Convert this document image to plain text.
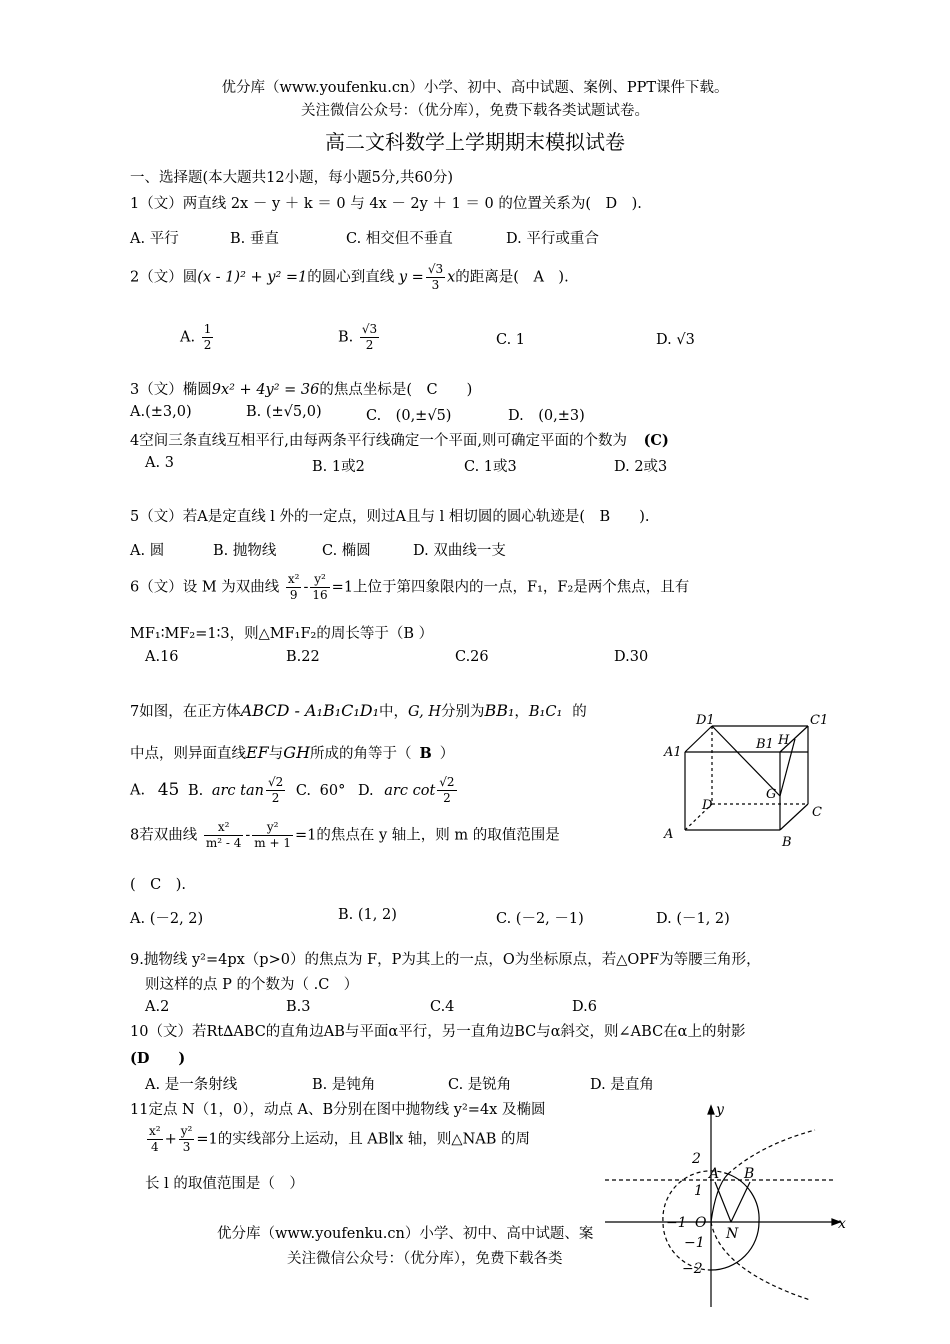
优分库（www.youfenku.cn）小学、初中、高中试题、案例、PPT课件下载。
关注微信公众号：（优分库），免费下载各类试题试卷。
高二文科数学上学期期末模拟试卷
一、选择题(本大题共12小题，每小题5分,共60分)
1（文）两直线 2x － y ＋ k ＝ 0 与 4x － 2y ＋ 1 ＝ 0 的位置关系为(　D　).
A. 平行	B. 垂直	C. 相交但不垂直	D. 平行或重合
2（文）圆(x - 1)² + y² =1的圆心到直线 $y = \frac{√3}{3}$ x的距离是(　A　).
A. $\frac{1}{2}$	B. $\frac{√3}{2}$	C. 1	D. √3
3（文）椭圆9x² + 4y² = 36的焦点坐标是(　C　　)
A.(±3,0)	B. (±√5,0)	C.　(0,±√5)	D.　(0,±3)
4空间三条直线互相平行,由每两条平行线确定一个平面,则可确定平面的个数为 (C)
A. 3	B. 1或2	C. 1或3	D. 2或3
5（文）若A是定直线 l 外的一定点，则过A且与 l 相切圆的圆心轨迹是(　B　　).
A. 圆	B. 抛物线	C. 椭圆	D. 双曲线一支
6（文）设 M 为双曲线 $\frac{\text{x²}}{9} - \frac{\text{y²}}{16} =1$上位于第四象限内的一点，F₁，F₂是两个焦点，且有
MF₁∶MF₂=1∶3，则△MF₁F₂的周长等于（B ）
A.16	B.22	C.26	D.30
7如图，在正方体ABCD - A₁B₁C₁D₁中，G, H分别为BB₁，B₁C₁ 的
中点，则异面直线EF与GH所成的角等于（ B ）
A. 45 B. arc $\tan \frac{√2}{2} C$. 60° D. arc $\cot \frac{√2}{2}$
D1	C1
A1
B1 H
D
G
C
A
B
8若双曲线 $\frac{\text{x²}}{\text{m² - 4}} - \frac{\text{y²}}{m + 1} =1$的焦点在 y 轴上，则 m 的取值范围是
(　C　).
A. (－2, 2)	B. (1, 2)	C. (－2, －1)	D. (－1, 2)
9.抛物线 y²=4px（p>0）的焦点为 F，P为其上的一点，O为坐标原点，若△OPF为等腰三角形，
则这样的点 P 的个数为（ .C　）
A.2	B.3	C.4	D.6
10（文）若Rt∆ABC的直角边AB与平面α平行，另一直角边BC与α斜交，则∠ABC在α上的射影
(D　　)
A. 是一条射线	B. 是钝角	C. 是锐角	D. 是直角
11定点 N（1，0），动点 A、B分别在图中抛物线 y²=4x 及椭圆
$\frac{\text{x²}}{4} + \frac{\text{y²}}{3} =1$的实线部分上运动，且 AB∥x 轴，则△NAB 的周
长 l 的取值范围是（　）
y
x
2
1
−1
−2
−1 O
N
A B
优分库（www.youfenku.cn）小学、初中、高中试题、案
关注微信公众号：（优分库），免费下载各类
